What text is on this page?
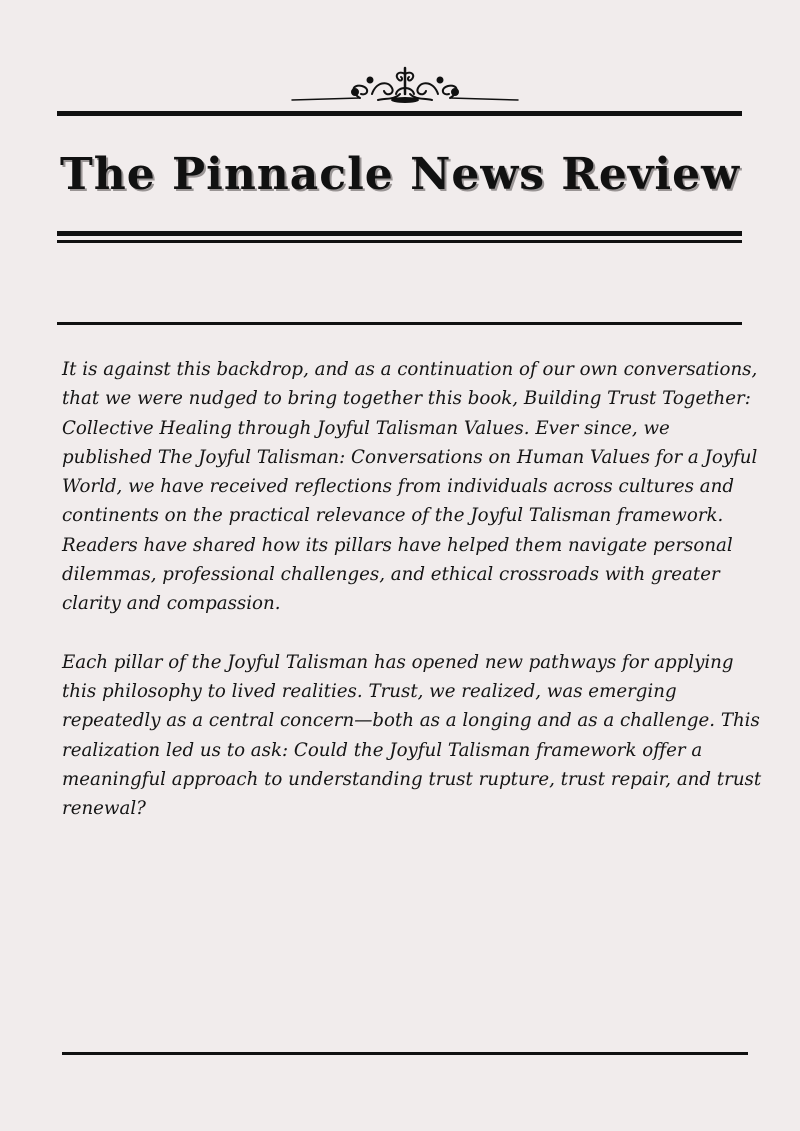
The Pinnacle News Review

It is against this backdrop, and as a continuation of our own conversations, that we were nudged to bring together this book, Building Trust Together: Collective Healing through Joyful Talisman Values. Ever since, we published The Joyful Talisman: Conversations on Human Values for a Joyful World, we have received reflections from individuals across cultures and continents on the practical relevance of the Joyful Talisman framework. Readers have shared how its pillars have helped them navigate personal dilemmas, professional challenges, and ethical crossroads with greater clarity and compassion.

Each pillar of the Joyful Talisman has opened new pathways for applying this philosophy to lived realities. Trust, we realized, was emerging repeatedly as a central concern—both as a longing and as a challenge. This realization led us to ask: Could the Joyful Talisman framework offer a meaningful approach to understanding trust rupture, trust repair, and trust renewal?
